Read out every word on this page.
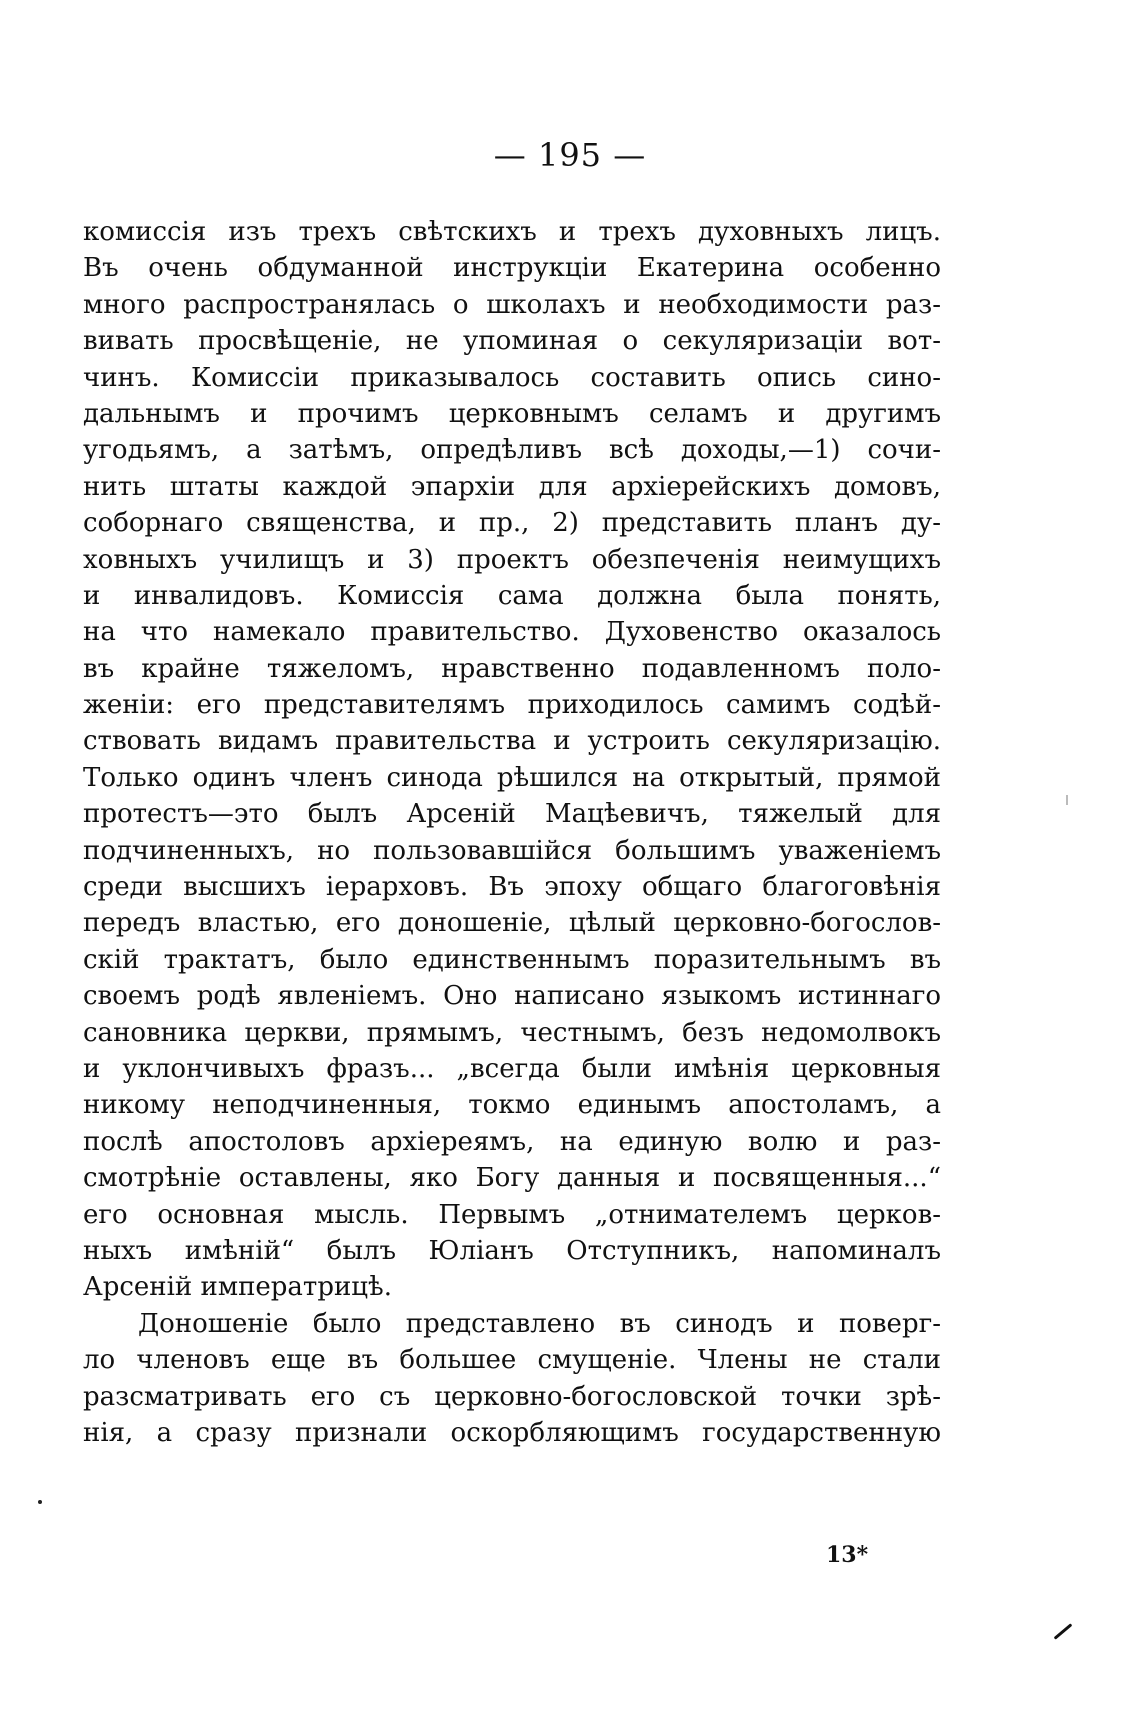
— 195 —
комиссiя изъ трехъ свѣтскихъ и трехъ духовныхъ лицъ.
Въ очень обдуманной инструкцiи Екатерина особенно
много распространялась о школахъ и необходимости раз-
вивать просвѣщенiе, не упоминая о секуляризацiи вот-
чинъ. Комиссiи приказывалось составить опись сино-
дальнымъ и прочимъ церковнымъ селамъ и другимъ
угодьямъ, а затѣмъ, опредѣливъ всѣ доходы,—1) сочи-
нить штаты каждой эпархiи для архiерейскихъ домовъ,
соборнаго священства, и пр., 2) представить планъ ду-
ховныхъ училищъ и 3) проектъ обезпеченiя неимущихъ
и инвалидовъ. Комиссiя сама должна была понять,
на что намекало правительство. Духовенство оказалось
въ крайне тяжеломъ, нравственно подавленномъ поло-
женiи: его представителямъ приходилось самимъ содѣй-
ствовать видамъ правительства и устроить секуляризацiю.
Только одинъ членъ синода рѣшился на открытый, прямой
протестъ—это былъ Арсенiй Мацѣевичъ, тяжелый для
подчиненныхъ, но пользовавшiйся большимъ уваженiемъ
среди высшихъ iерарховъ. Въ эпоху общаго благоговѣнiя
передъ властью, его доношенiе, цѣлый церковно-богослов-
скiй трактатъ, было единственнымъ поразительнымъ въ
своемъ родѣ явленiемъ. Оно написано языкомъ истиннаго
сановника церкви, прямымъ, честнымъ, безъ недомолвокъ
и уклончивыхъ фразъ... „всегда были имѣнiя церковныя
никому неподчиненныя, токмо единымъ апостоламъ, а
послѣ апостоловъ архiереямъ, на единую волю и раз-
смотрѣнiе оставлены, яко Богу данныя и посвященныя...“
его основная мысль. Первымъ „отнимателемъ церков-
ныхъ имѣнiй“ былъ Юлiанъ Отступникъ, напоминалъ
Арсенiй императрицѣ.
Доношенiе было представлено въ синодъ и поверг-
ло членовъ еще въ большее смущенiе. Члены не стали
разсматривать его съ церковно-богословской точки зрѣ-
нiя, а сразу признали оскорбляющимъ государственную
13*
